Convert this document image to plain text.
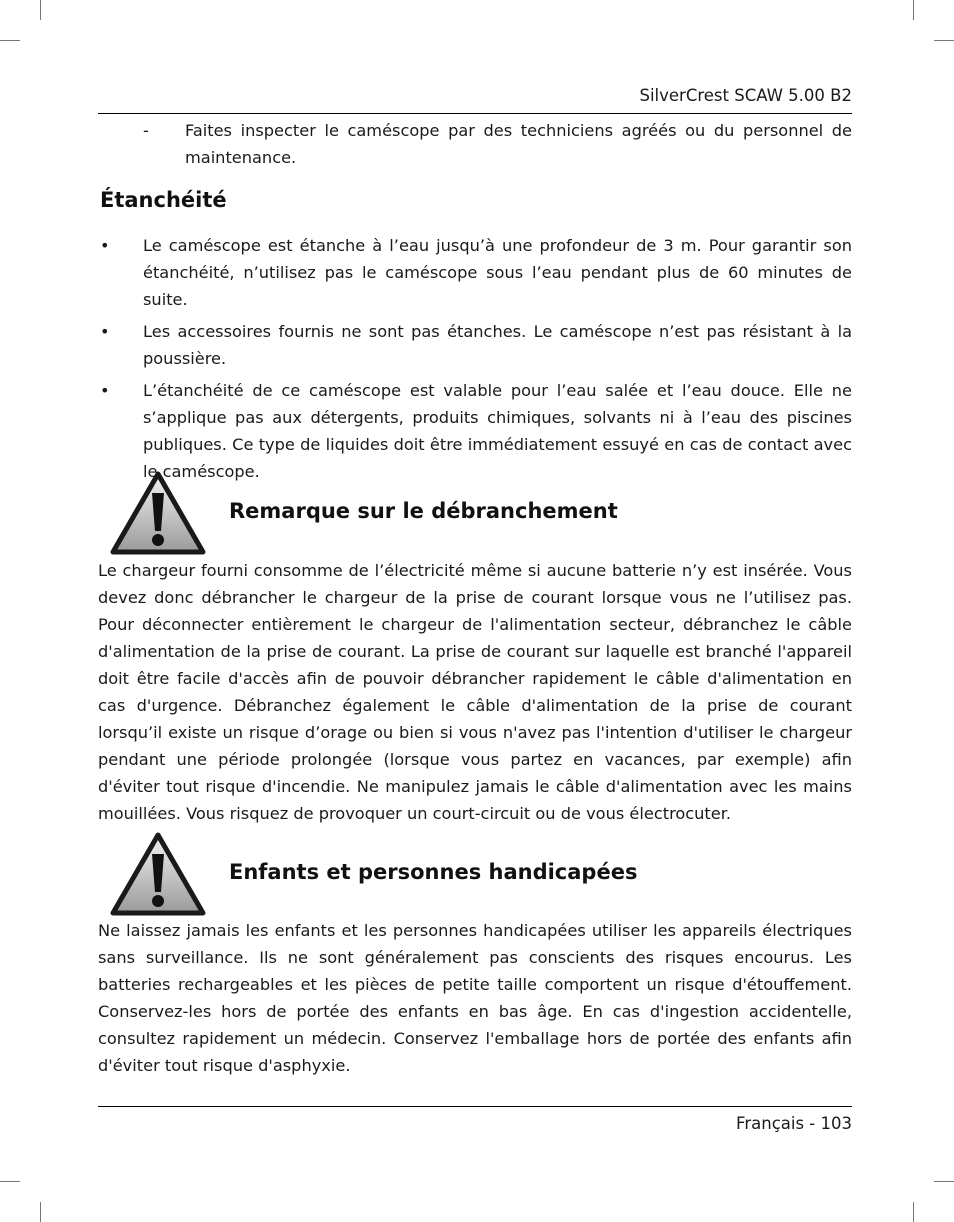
SilverCrest SCAW 5.00 B2
- Faites inspecter le caméscope par des techniciens agréés ou du personnel de maintenance.
Étanchéité
• Le caméscope est étanche à l’eau jusqu’à une profondeur de 3 m. Pour garantir son étanchéité, n’utilisez pas le caméscope sous l’eau pendant plus de 60 minutes de suite.
• Les accessoires fournis ne sont pas étanches. Le caméscope n’est pas résistant à la poussière.
• L’étanchéité de ce caméscope est valable pour l’eau salée et l’eau douce. Elle ne s’applique pas aux détergents, produits chimiques, solvants ni à l’eau des piscines publiques. Ce type de liquides doit être immédiatement essuyé en cas de contact avec le caméscope.
Remarque sur le débranchement
Le chargeur fourni consomme de l’électricité même si aucune batterie n’y est insérée. Vous devez donc débrancher le chargeur de la prise de courant lorsque vous ne l’utilisez pas. Pour déconnecter entièrement le chargeur de l'alimentation secteur, débranchez le câble d'alimentation de la prise de courant. La prise de courant sur laquelle est branché l'appareil doit être facile d'accès afin de pouvoir débrancher rapidement le câble d'alimentation en cas d'urgence. Débranchez également le câble d'alimentation de la prise de courant lorsqu’il existe un risque d’orage ou bien si vous n'avez pas l'intention d'utiliser le chargeur pendant une période prolongée (lorsque vous partez en vacances, par exemple) afin d'éviter tout risque d'incendie. Ne manipulez jamais le câble d'alimentation avec les mains mouillées. Vous risquez de provoquer un court-circuit ou de vous électrocuter.
Enfants et personnes handicapées
Ne laissez jamais les enfants et les personnes handicapées utiliser les appareils électriques sans surveillance. Ils ne sont généralement pas conscients des risques encourus. Les batteries rechargeables et les pièces de petite taille comportent un risque d'étouffement. Conservez-les hors de portée des enfants en bas âge. En cas d'ingestion accidentelle, consultez rapidement un médecin. Conservez l'emballage hors de portée des enfants afin d'éviter tout risque d'asphyxie.
Français - 103
